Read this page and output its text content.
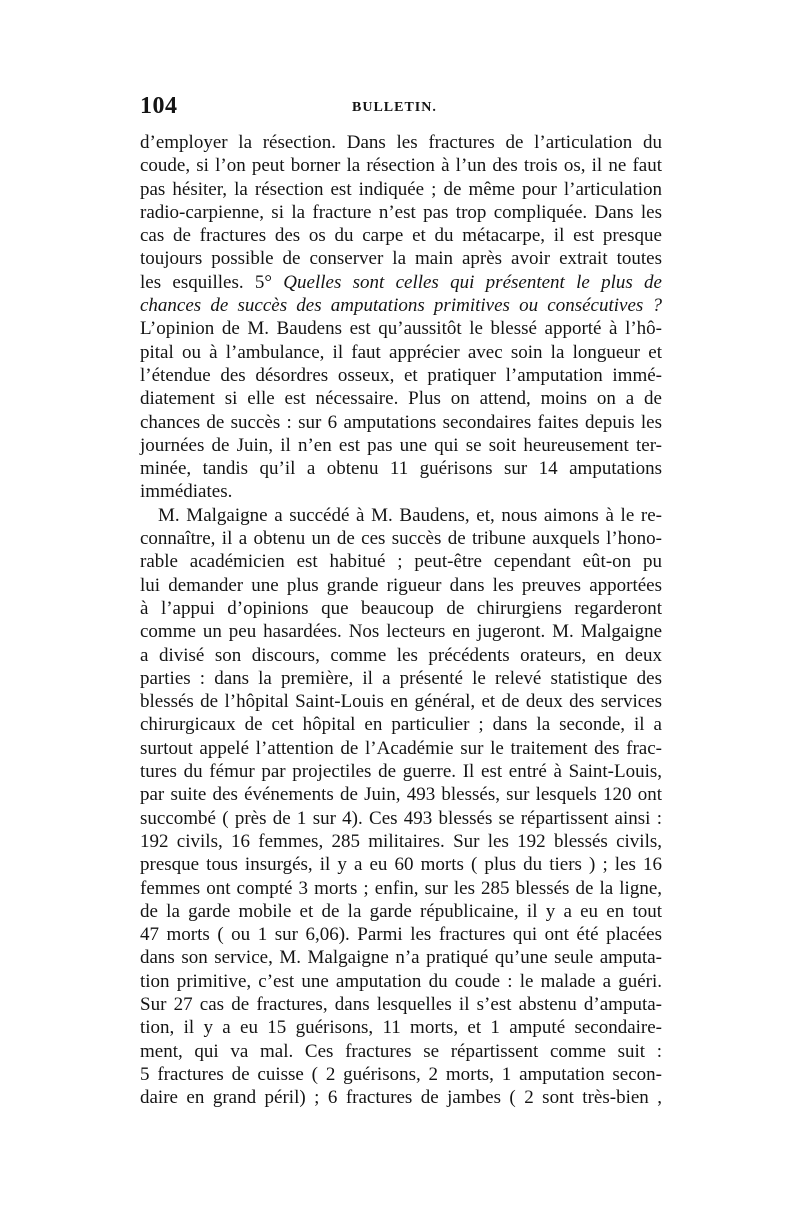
104	BULLETIN.
d’employer la résection. Dans les fractures de l’articulation du
coude, si l’on peut borner la résection à l’un des trois os, il ne faut
pas hésiter, la résection est indiquée ; de même pour l’articulation
radio-carpienne, si la fracture n’est pas trop compliquée. Dans les
cas de fractures des os du carpe et du métacarpe, il est presque
toujours possible de conserver la main après avoir extrait toutes
les esquilles. 5° Quelles sont celles qui présentent le plus de
chances de succès des amputations primitives ou consécutives ?
L’opinion de M. Baudens est qu’aussitôt le blessé apporté à l’hô-
pital ou à l’ambulance, il faut apprécier avec soin la longueur et
l’étendue des désordres osseux, et pratiquer l’amputation immé-
diatement si elle est nécessaire. Plus on attend, moins on a de
chances de succès : sur 6 amputations secondaires faites depuis les
journées de Juin, il n’en est pas une qui se soit heureusement ter-
minée, tandis qu’il a obtenu 11 guérisons sur 14 amputations
immédiates.
M. Malgaigne a succédé à M. Baudens, et, nous aimons à le re-
connaître, il a obtenu un de ces succès de tribune auxquels l’hono-
rable académicien est habitué ; peut-être cependant eût-on pu
lui demander une plus grande rigueur dans les preuves apportées
à l’appui d’opinions que beaucoup de chirurgiens regarderont
comme un peu hasardées. Nos lecteurs en jugeront. M. Malgaigne
a divisé son discours, comme les précédents orateurs, en deux
parties : dans la première, il a présenté le relevé statistique des
blessés de l’hôpital Saint-Louis en général, et de deux des services
chirurgicaux de cet hôpital en particulier ; dans la seconde, il a
surtout appelé l’attention de l’Académie sur le traitement des frac-
tures du fémur par projectiles de guerre. Il est entré à Saint-Louis,
par suite des événements de Juin, 493 blessés, sur lesquels 120 ont
succombé ( près de 1 sur 4). Ces 493 blessés se répartissent ainsi :
192 civils, 16 femmes, 285 militaires. Sur les 192 blessés civils,
presque tous insurgés, il y a eu 60 morts ( plus du tiers ) ; les 16
femmes ont compté 3 morts ; enfin, sur les 285 blessés de la ligne,
de la garde mobile et de la garde républicaine, il y a eu en tout
47 morts ( ou 1 sur 6,06). Parmi les fractures qui ont été placées
dans son service, M. Malgaigne n’a pratiqué qu’une seule amputa-
tion primitive, c’est une amputation du coude : le malade a guéri.
Sur 27 cas de fractures, dans lesquelles il s’est abstenu d’amputa-
tion, il y a eu 15 guérisons, 11 morts, et 1 amputé secondaire-
ment, qui va mal. Ces fractures se répartissent comme suit :
5 fractures de cuisse ( 2 guérisons, 2 morts, 1 amputation secon-
daire en grand péril) ; 6 fractures de jambes ( 2 sont très-bien ,
